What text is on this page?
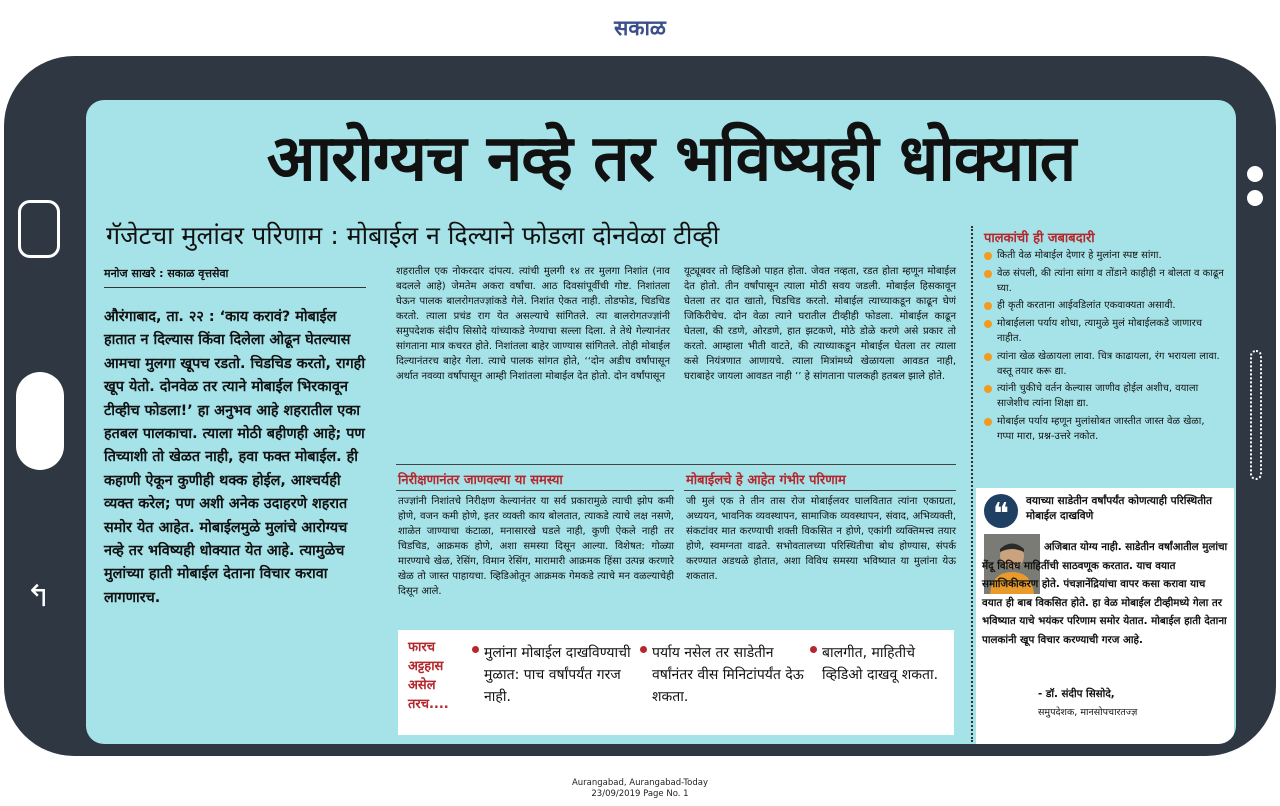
सकाळ
↰
आरोग्यच नव्हे तर भविष्यही धोक्यात
गॅजेटचा मुलांवर परिणाम : मोबाईल न दिल्याने फोडला दोनवेळा टीव्ही
मनोज साखरे : सकाळ वृत्तसेवा
औरंगाबाद, ता. २२ : ‘काय करावं? मोबाईल हातात न दिल्यास किंवा दिलेला ओढून घेतल्यास आमचा मुलगा खूपच रडतो. चिडचिड करतो, रागही खूप येतो. दोनवेळ तर त्याने मोबाईल भिरकावून टीव्हीच फोडला!’ हा अनुभव आहे शहरातील एका हतबल पालकाचा. त्याला मोठी बहीणही आहे; पण तिच्याशी तो खेळत नाही, हवा फक्त मोबाईल. ही कहाणी ऐकून कुणीही थक्क होईल, आश्चर्यही व्यक्त करेल; पण अशी अनेक उदाहरणे शहरात समोर येत आहेत. मोबाईलमुळे मुलांचे आरोग्यच नव्हे तर भविष्यही धोक्यात येत आहे. त्यामुळेच मुलांच्या हाती मोबाईल देताना विचार करावा लागणारच.
शहरातील एक नोकरदार दांपत्य. त्यांची मुलगी १४ तर मुलगा निशांत (नाव बदलले आहे) जेमतेम अकरा वर्षांचा. आठ दिवसांपूर्वीची गोष्ट. निशांतला घेऊन पालक बालरोगतज्ज्ञांकडे गेले. निशांत ऐकत नाही. तोडफोड, चिडचिड करतो. त्याला प्रचंड राग येत असल्याचे सांगितले. त्या बालरोगतज्ज्ञांनी समुपदेशक संदीप सिसोदे यांच्याकडे नेण्याचा सल्ला दिला. ते तेथे गेल्यानंतर सांगताना मात्र कचरत होते. निशांतला बाहेर जाण्यास सांगितले. तोही मोबाईल दिल्यानंतरच बाहेर गेला. त्याचे पालक सांगत होते, ‘‘दोन अडीच वर्षांपासून अर्थात नवव्या वर्षांपासून आम्ही निशांतला मोबाईल देत होतो. दोन वर्षांपासून
यूट्यूबवर तो व्हिडिओ पाहत होता. जेवत नव्हता, रडत होता म्हणून मोबाईल देत होतो. तीन वर्षांपासून त्याला मोठी सवय जडली. मोबाईल हिसकावून घेतला तर दात खातो, चिडचिड करतो. मोबाईल त्याच्याकडून काढून घेणं जिकिरीचेच. दोन वेळा त्याने घरातील टीव्हीही फोडला. मोबाईल काढून घेतला, की रडणे, ओरडणे, हात झटकणे, मोठे डोळे करणे असे प्रकार तो करतो. आम्हाला भीती वाटते, की त्याच्याकडून मोबाईल घेतला तर त्याला कसे नियंत्रणात आणायचे. त्याला मित्रांमध्ये खेळायला आवडत नाही, घराबाहेर जायला आवडत नाही ’’ हे सांगताना पालकही हतबल झाले होते.
निरीक्षणानंतर जाणवल्या या समस्या
तज्ज्ञांनी निशांतचे निरीक्षण केल्यानंतर या सर्व प्रकारामुळे त्याची झोप कमी होणे, वजन कमी होणे, इतर व्यक्ती काय बोलतात, त्याकडे त्याचे लक्ष नसणे, शाळेत जाण्याचा कंटाळा, मनासारखे घडले नाही, कुणी ऐकले नाही तर चिडचिड, आक्रमक होणे, अशा समस्या दिसून आल्या. विशेषत: गोळ्या मारण्याचे खेळ, रेसिंग, विमान रेसिंग, मारामारी आक्रमक हिंसा उत्पन्न करणारे खेळ तो जास्त पाहायचा. व्हिडिओतून आक्रमक गेमकडे त्याचे मन वळल्याचेही दिसून आले.
मोबाईलचे हे आहेत गंभीर परिणाम
जी मुलं एक ते तीन तास रोज मोबाईलवर घालवितात त्यांना एकाग्रता, अध्ययन, भावनिक व्यवस्थापन, सामाजिक व्यवस्थापन, संवाद, अभिव्यक्ती, संकटांवर मात करण्याची शक्ती विकसित न होणे, एकांगी व्यक्तिमत्त्व तयार होणे, स्वमग्नता वाढते. सभोवतालच्या परिस्थितीचा बोध होण्यास, संपर्क करण्यात अडथळे होतात, अशा विविध समस्या भविष्यात या मुलांना येऊ शकतात.
फारच अट्टहास असेल तरच....
मुलांना मोबाईल दाखविण्याची मुळात: पाच वर्षांपर्यंत गरज नाही.
पर्याय नसेल तर साडेतीन वर्षांनंतर वीस मिनिटांपर्यंत देऊ शकता.
बालगीत, माहितीचे व्हिडिओ दाखवू शकता.
पालकांची ही जबाबदारी
किती वेळ मोबाईल देणार हे मुलांना स्पष्ट सांगा.
वेळ संपली, की त्यांना सांगा व तोंडाने काहीही न बोलता व काढून घ्या.
ही कृती करताना आईवडिलांत एकवाक्यता असावी.
मोबाईलला पर्याय शोधा, त्यामुळे मुलं मोबाईलकडे जाणारच नाहीत.
त्यांना खेळ खेळायला लावा. चित्र काढायला, रंग भरायला लावा. वस्तू तयार करू द्या.
त्यांनी चुकीचे वर्तन केल्यास जाणीव होईल अशीच, वयाला साजेशीच त्यांना शिक्षा द्या.
मोबाईल पर्याय म्हणून मुलांसोबत जास्तीत जास्त वेळ खेळा, गप्पा मारा, प्रश्न-उत्तरे नकोत.
❝	वयाच्या साडेतीन वर्षांपर्यंत कोणत्याही परिस्थितीत मोबाईल दाखविणे
अजिबात योग्य नाही. साडेतीन वर्षांआतील मुलांचा मेंदू विविध माहितींची साठवणूक करतात. याच वयात समाजिकीकरण होते. पंचज्ञानेंद्रियांचा वापर कसा करावा याच वयात ही बाब विकसित होते. हा वेळ मोबाईल टीव्हीमध्ये गेला तर भविष्यात याचे भयंकर परिणाम समोर येतात. मोबाईल हाती देताना पालकांनी खूप विचार करण्याची गरज आहे.
- डॉ. संदीप सिसोदे,
समुपदेशक, मानसोपचारतज्ज्ञ
Aurangabad, Aurangabad-Today
23/09/2019 Page No. 1
